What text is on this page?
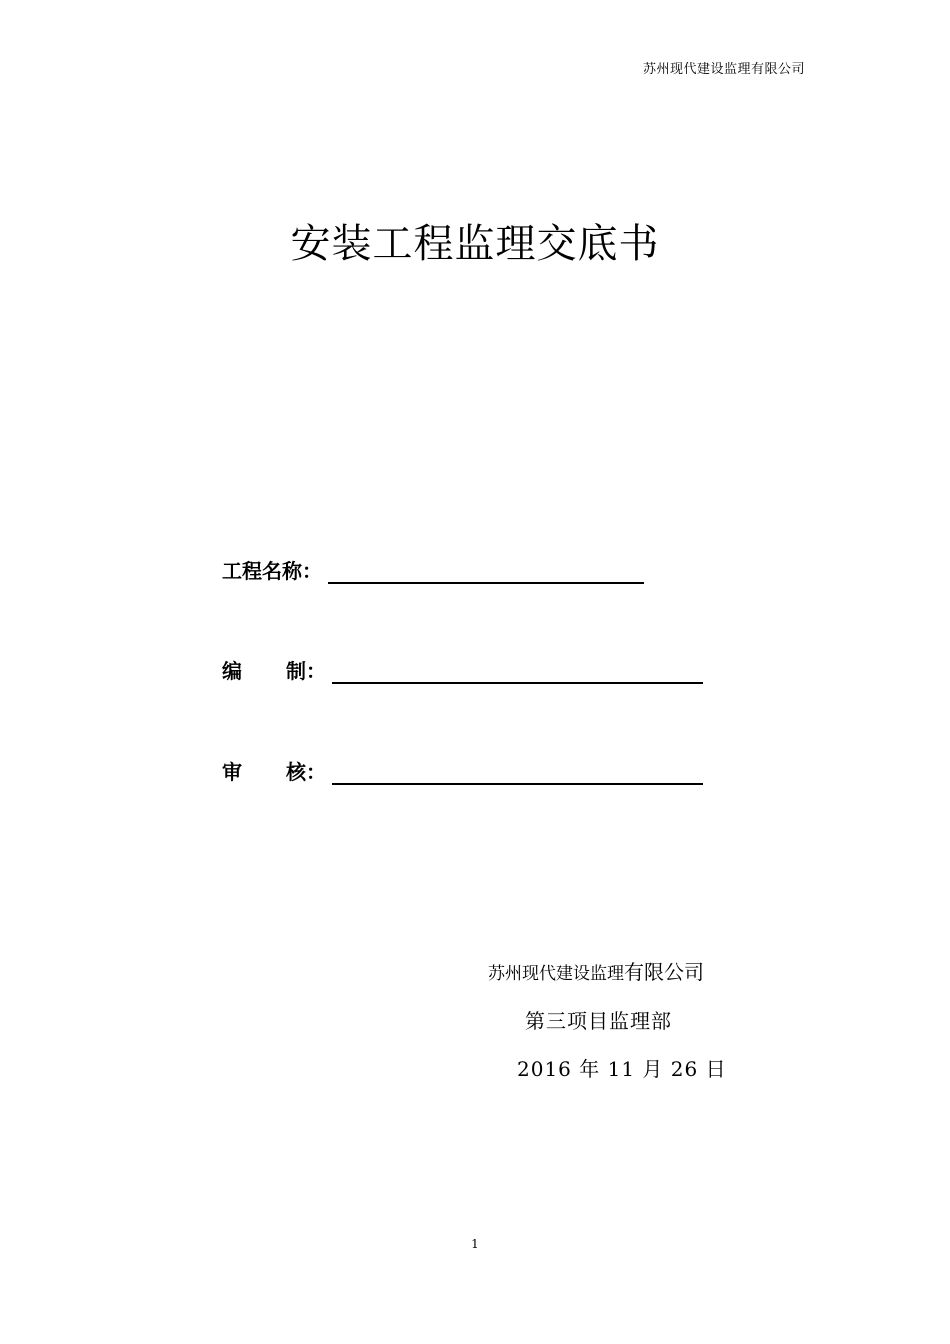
苏州现代建设监理有限公司
安装工程监理交底书
工程名称：
编 制：
审 核：
苏州现代建设监理有限公司
第三项目监理部
2016 年 11 月 26 日
1
